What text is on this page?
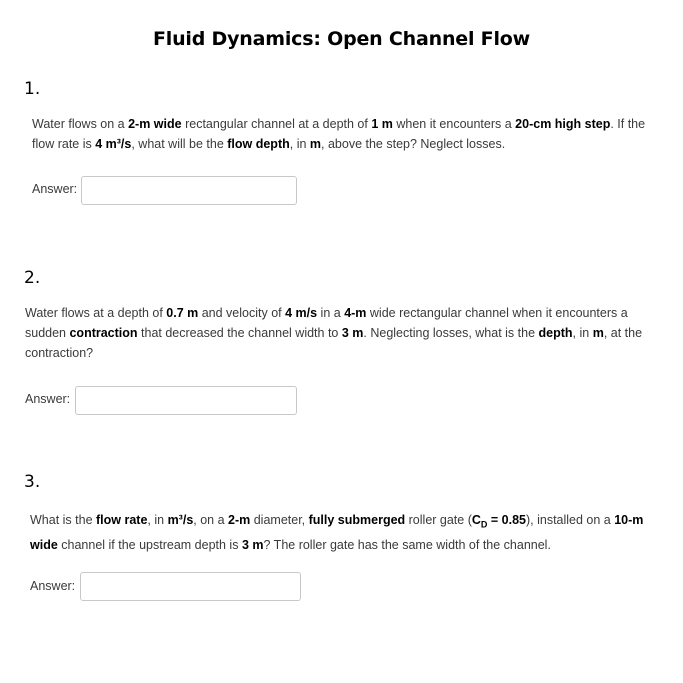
Fluid Dynamics: Open Channel Flow
1.
Water flows on a 2-m wide rectangular channel at a depth of 1 m when it encounters a 20-cm high step. If the flow rate is 4 m³/s, what will be the flow depth, in m, above the step? Neglect losses.
Answer:
2.
Water flows at a depth of 0.7 m and velocity of 4 m/s in a 4-m wide rectangular channel when it encounters a sudden contraction that decreased the channel width to 3 m. Neglecting losses, what is the depth, in m, at the contraction?
Answer:
3.
What is the flow rate, in m³/s, on a 2-m diameter, fully submerged roller gate $(C_D = 0.85)$, installed on a 10-m wide channel if the upstream depth is 3 m? The roller gate has the same width of the channel.
Answer:
